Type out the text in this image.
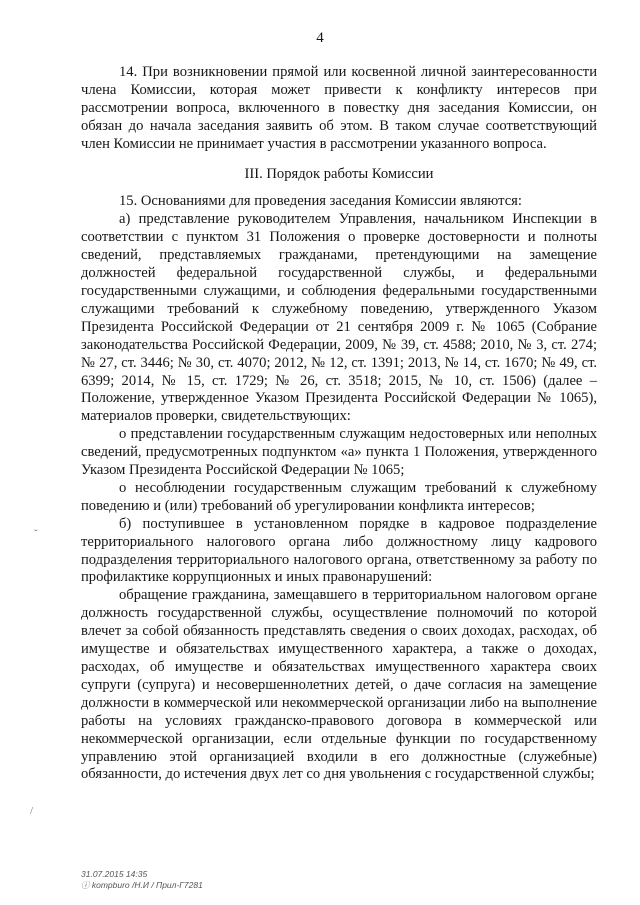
4

14. При возникновении прямой или косвенной личной заинтересованности члена Комиссии, которая может привести к конфликту интересов при рассмотрении вопроса, включенного в повестку дня заседания Комиссии, он обязан до начала заседания заявить об этом. В таком случае соответствующий член Комиссии не принимает участия в рассмотрении указанного вопроса.

III. Порядок работы Комиссии

15. Основаниями для проведения заседания Комиссии являются:

а) представление руководителем Управления, начальником Инспекции в соответствии с пунктом 31 Положения о проверке достоверности и полноты сведений, представляемых гражданами, претендующими на замещение должностей федеральной государственной службы, и федеральными государственными служащими, и соблюдения федеральными государственными служащими требований к служебному поведению, утвержденного Указом Президента Российской Федерации от 21 сентября 2009 г. № 1065 (Собрание законодательства Российской Федерации, 2009, № 39, ст. 4588; 2010, № 3, ст. 274; № 27, ст. 3446; № 30, ст. 4070; 2012, № 12, ст. 1391; 2013, № 14, ст. 1670; № 49, ст. 6399; 2014, № 15, ст. 1729; № 26, ст. 3518; 2015, № 10, ст. 1506) (далее – Положение, утвержденное Указом Президента Российской Федерации № 1065), материалов проверки, свидетельствующих:

о представлении государственным служащим недостоверных или неполных сведений, предусмотренных подпунктом «а» пункта 1 Положения, утвержденного Указом Президента Российской Федерации № 1065;

о несоблюдении государственным служащим требований к служебному поведению и (или) требований об урегулировании конфликта интересов;

б) поступившее в установленном порядке в кадровое подразделение территориального налогового органа либо должностному лицу кадрового подразделения территориального налогового органа, ответственному за работу по профилактике коррупционных и иных правонарушений:

обращение гражданина, замещавшего в территориальном налоговом органе должность государственной службы, осуществление полномочий по которой влечет за собой обязанность представлять сведения о своих доходах, расходах, об имуществе и обязательствах имущественного характера, а также о доходах, расходах, об имуществе и обязательствах имущественного характера своих супруги (супруга) и несовершеннолетних детей, о даче согласия на замещение должности в коммерческой или некоммерческой организации либо на выполнение работы на условиях гражданско-правового договора в коммерческой или некоммерческой организации, если отдельные функции по государственному управлению этой организацией входили в его должностные (служебные) обязанности, до истечения двух лет со дня увольнения с государственной службы;

ˇ
/
31.07.2015 14:35
ⓘ kompburo /Н.И / Прил-Г7281
